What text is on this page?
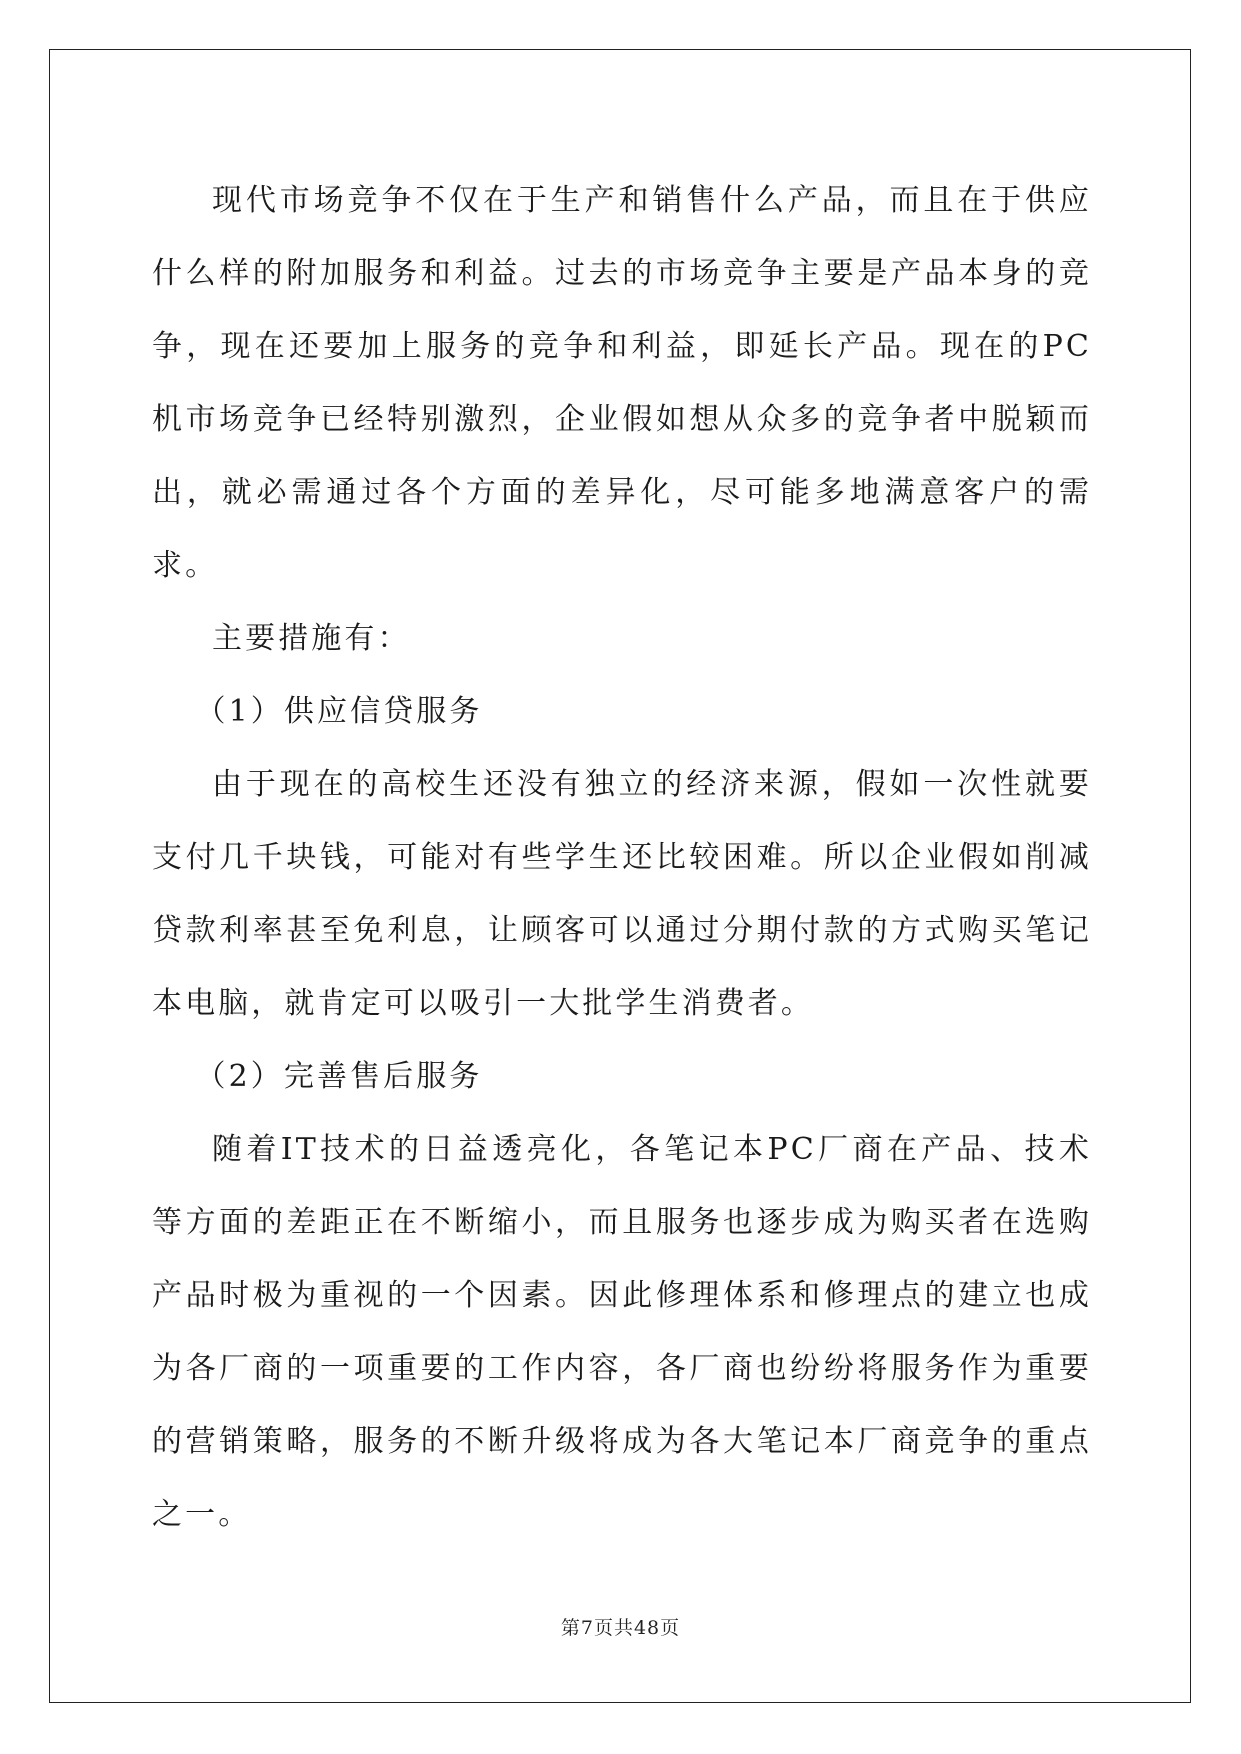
现代市场竞争不仅在于生产和销售什么产品，而且在于供应什么样的附加服务和利益。过去的市场竞争主要是产品本身的竞争，现在还要加上服务的竞争和利益，即延长产品。现在的PC机市场竞争已经特别激烈，企业假如想从众多的竞争者中脱颖而出，就必需通过各个方面的差异化，尽可能多地满意客户的需求。

主要措施有：

（1）供应信贷服务

由于现在的高校生还没有独立的经济来源，假如一次性就要支付几千块钱，可能对有些学生还比较困难。所以企业假如削减贷款利率甚至免利息，让顾客可以通过分期付款的方式购买笔记本电脑，就肯定可以吸引一大批学生消费者。

（2）完善售后服务

随着IT技术的日益透亮化，各笔记本PC厂商在产品、技术等方面的差距正在不断缩小，而且服务也逐步成为购买者在选购产品时极为重视的一个因素。因此修理体系和修理点的建立也成为各厂商的一项重要的工作内容，各厂商也纷纷将服务作为重要的营销策略，服务的不断升级将成为各大笔记本厂商竞争的重点之一。

第7页共48页
